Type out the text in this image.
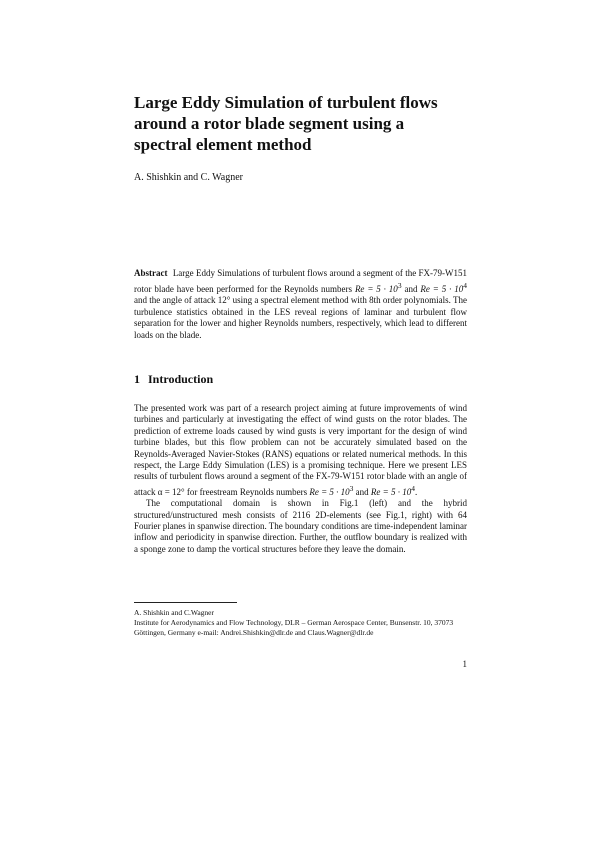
Large Eddy Simulation of turbulent flows around a rotor blade segment using a spectral element method
A. Shishkin and C. Wagner

Abstract Large Eddy Simulations of turbulent flows around a segment of the FX-79-W151 rotor blade have been performed for the Reynolds numbers $Re = 5 \cdot 10^3$ and $Re = 5 \cdot 10^4$ and the angle of attack 12° using a spectral element method with 8th order polynomials. The turbulence statistics obtained in the LES reveal regions of laminar and turbulent flow separation for the lower and higher Reynolds numbers, respectively, which lead to different loads on the blade.

1 Introduction

The presented work was part of a research project aiming at future improvements of wind turbines and particularly at investigating the effect of wind gusts on the rotor blades. The prediction of extreme loads caused by wind gusts is very important for the design of wind turbine blades, but this flow problem can not be accurately simulated based on the Reynolds-Averaged Navier-Stokes (RANS) equations or related numerical methods. In this respect, the Large Eddy Simulation (LES) is a promising technique. Here we present LES results of turbulent flows around a segment of the FX-79-W151 rotor blade with an angle of attack α = 12° for freestream Reynolds numbers $Re = 5 \cdot 10^3$ and $Re = 5 \cdot 10^4$.

The computational domain is shown in Fig.1 (left) and the hybrid structured/unstructured mesh consists of 2116 2D-elements (see Fig.1, right) with 64 Fourier planes in spanwise direction. The boundary conditions are time-independent laminar inflow and periodicity in spanwise direction. Further, the outflow boundary is realized with a sponge zone to damp the vortical structures before they leave the domain.

A. Shishkin and C.Wagner
Institute for Aerodynamics and Flow Technology, DLR – German Aerospace Center, Bunsenstr. 10, 37073 Göttingen, Germany e-mail: Andrei.Shishkin@dlr.de and Claus.Wagner@dlr.de
1
